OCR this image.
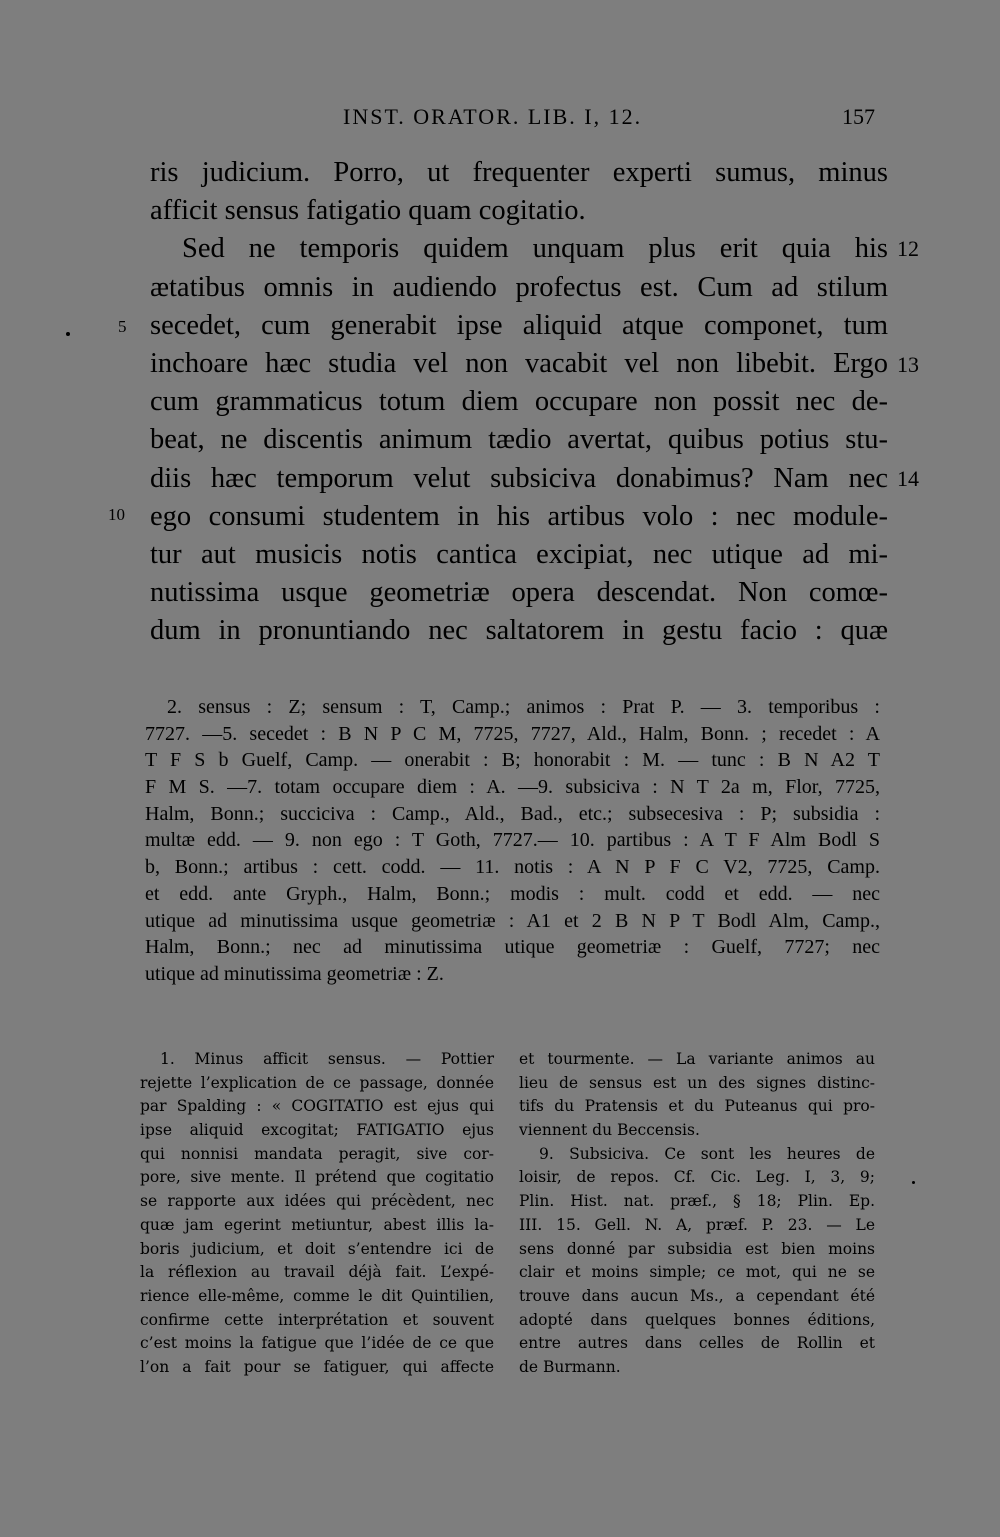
INST. ORATOR. LIB. I, 12.	157
ris judicium. Porro, ut frequenter experti sumus, minus
afficit sensus fatigatio quam cogitatio.
Sed ne temporis quidem unquam plus erit quia his
ætatibus omnis in audiendo profectus est. Cum ad stilum
secedet, cum generabit ipse aliquid atque componet, tum
inchoare hæc studia vel non vacabit vel non libebit. Ergo
cum grammaticus totum diem occupare non possit nec de-
beat, ne discentis animum tædio avertat, quibus potius stu-
diis hæc temporum velut subsiciva donabimus? Nam nec
ego consumi studentem in his artibus volo : nec module-
tur aut musicis notis cantica excipiat, nec utique ad mi-
nutissima usque geometriæ opera descendat. Non comœ-
dum in pronuntiando nec saltatorem in gestu facio : quæ
5
10
12
13
14
2. sensus : Z; sensum : T, Camp.; animos : Prat P. — 3. temporibus :
7727. —5. secedet : B N P C M, 7725, 7727, Ald., Halm, Bonn. ; recedet : A
T F S b Guelf, Camp. — onerabit : B; honorabit : M. — tunc : B N A2 T
F M S. —7. totam occupare diem : A. —9. subsiciva : N T 2a m, Flor, 7725,
Halm, Bonn.; succiciva : Camp., Ald., Bad., etc.; subsecesiva : P; subsidia :
multæ edd. — 9. non ego : T Goth, 7727.— 10. partibus : A T F Alm Bodl S
b, Bonn.; artibus : cett. codd. — 11. notis : A N P F C V2, 7725, Camp.
et edd. ante Gryph., Halm, Bonn.; modis : mult. codd et edd. — nec
utique ad minutissima usque geometriæ : A1 et 2 B N P T Bodl Alm, Camp.,
Halm, Bonn.; nec ad minutissima utique geometriæ : Guelf, 7727; nec
utique ad minutissima geometriæ : Z.
1. Minus afficit sensus. — Pottier
rejette l’explication de ce passage, donnée
par Spalding : « COGITATIO est ejus qui
ipse aliquid excogitat; FATIGATIO ejus
qui nonnisi mandata peragit, sive cor-
pore, sive mente. Il prétend que cogitatio
se rapporte aux idées qui précèdent, nec
quæ jam egerint metiuntur, abest illis la-
boris judicium, et doit s’entendre ici de
la réflexion au travail déjà fait. L’expé-
rience elle-même, comme le dit Quintilien,
confirme cette interprétation et souvent
c’est moins la fatigue que l’idée de ce que
l’on a fait pour se fatiguer, qui affecte
et tourmente. — La variante animos au
lieu de sensus est un des signes distinc-
tifs du Pratensis et du Puteanus qui pro-
viennent du Beccensis.
9. Subsiciva. Ce sont les heures de
loisir, de repos. Cf. Cic. Leg. I, 3, 9;
Plin. Hist. nat. præf., § 18; Plin. Ep.
III. 15. Gell. N. A, præf. P. 23. — Le
sens donné par subsidia est bien moins
clair et moins simple; ce mot, qui ne se
trouve dans aucun Ms., a cependant été
adopté dans quelques bonnes éditions,
entre autres dans celles de Rollin et
de Burmann.
